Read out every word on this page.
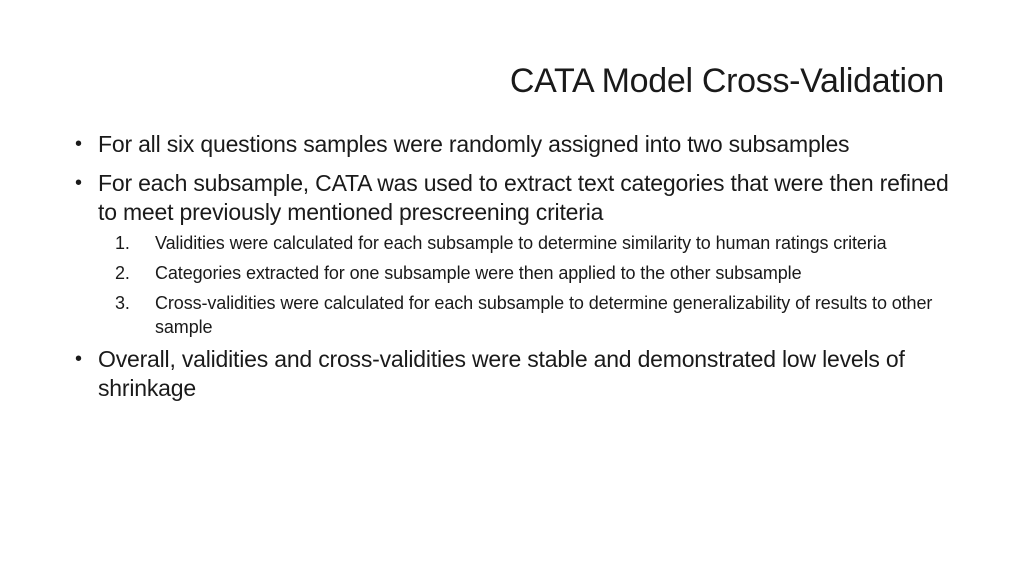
CATA Model Cross-Validation
• For all six questions samples were randomly assigned into two subsamples
• For each subsample, CATA was used to extract text categories that were then refined to meet previously mentioned prescreening criteria
1. Validities were calculated for each subsample to determine similarity to human ratings criteria
2. Categories extracted for one subsample were then applied to the other subsample
3. Cross-validities were calculated for each subsample to determine generalizability of results to other sample
• Overall, validities and cross-validities were stable and demonstrated low levels of shrinkage
